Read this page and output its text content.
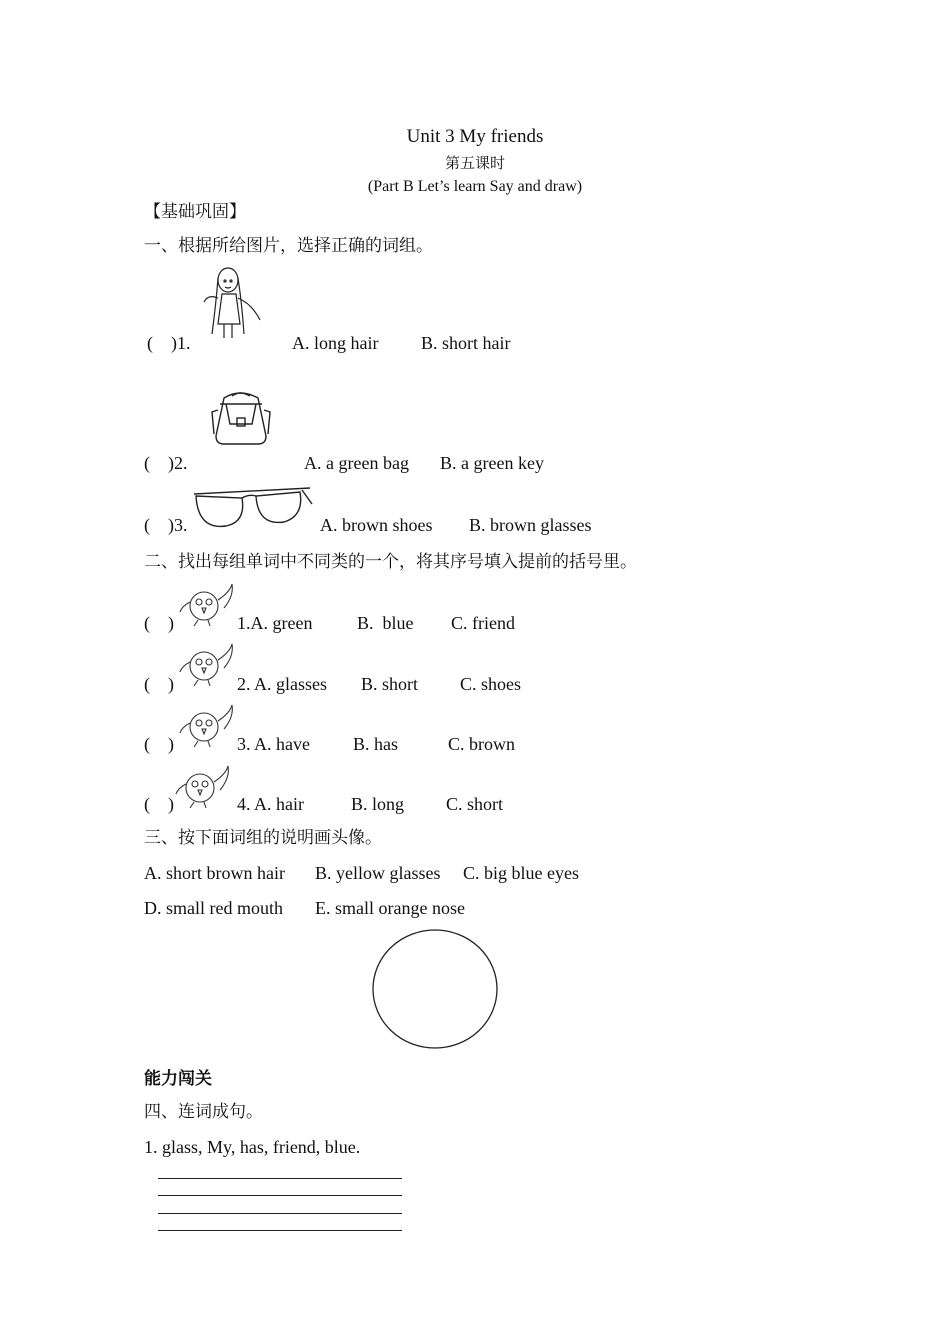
Unit 3 My friends
第五课时
(Part B Let’s learn Say and draw)
【基础巩固】
一、根据所给图片，选择正确的词组。
(    )1.	A. long hair B. short hair
(    )2.	A. a green bag B. a green key
(    )3.	A. brown shoes B. brown glasses
二、找出每组单词中不同类的一个，将其序号填入提前的括号里。
(    )	1.A. green B.  blue C. friend
(    )	2. A. glasses B. short C. shoes
(    )	3. A. have B. has	C. brown
(    )	4. A. hair	B. long C. short
三、按下面词组的说明画头像。
A. short brown hair B. yellow glasses C. big blue eyes
D. small red mouth E. small orange nose
能力闯关
四、连词成句。
1. glass, My, has, friend, blue.
